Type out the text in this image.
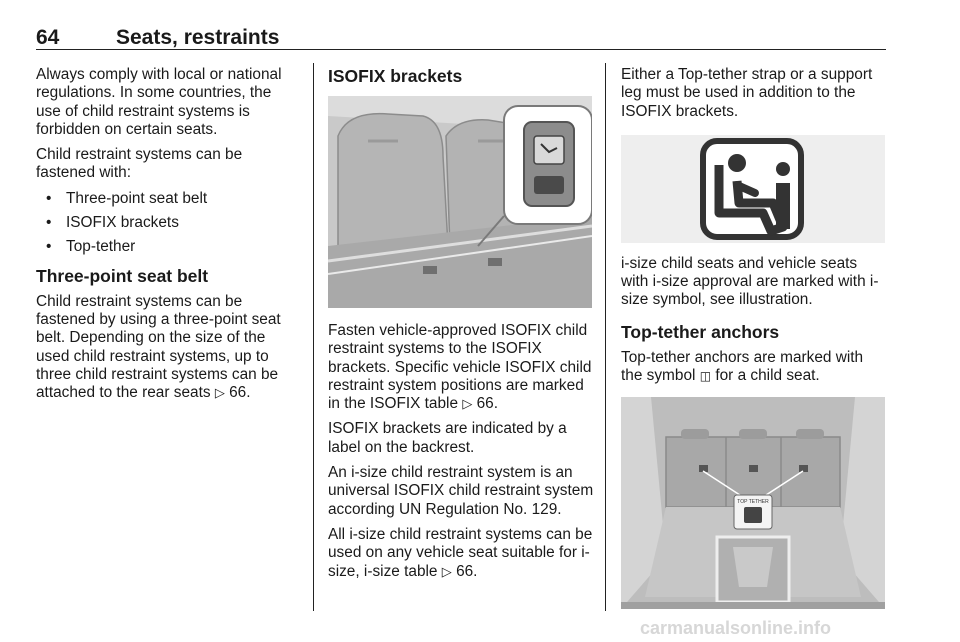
64	Seats, restraints

Always comply with local or national regulations. In some countries, the use of child restraint systems is forbidden on certain seats.

Child restraint systems can be fastened with:

• Three-point seat belt
• ISOFIX brackets
• Top-tether
Three-point seat belt

Child restraint systems can be fastened by using a three-point seat belt. Depending on the size of the used child restraint systems, up to three child restraint systems can be attached to the rear seats ▷ 66.

ISOFIX brackets

Fasten vehicle-approved ISOFIX child restraint systems to the ISOFIX brackets. Specific vehicle ISOFIX child restraint system positions are marked in the ISOFIX table ▷ 66.

ISOFIX brackets are indicated by a label on the backrest.

An i-size child restraint system is an universal ISOFIX child restraint system according UN Regulation No. 129.

All i-size child restraint systems can be used on any vehicle seat suitable for i-size, i-size table ▷ 66.

Either a Top-tether strap or a support leg must be used in addition to the ISOFIX brackets.

i-size child seats and vehicle seats with i-size approval are marked with i-size symbol, see illustration.

Top-tether anchors

Top-tether anchors are marked with the symbol ◫ for a child seat.

TOP TETHER
carmanualsonline.info
